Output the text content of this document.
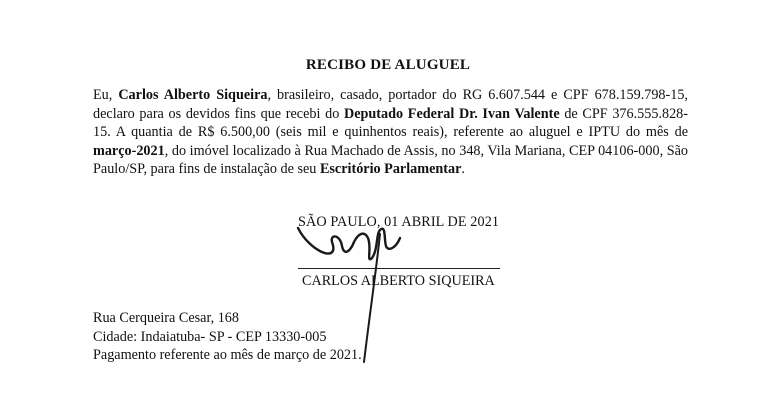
RECIBO DE ALUGUEL
Eu, Carlos Alberto Siqueira, brasileiro, casado, portador do RG 6.607.544 e CPF 678.159.798-15, declaro para os devidos fins que recebi do Deputado Federal Dr. Ivan Valente de CPF 376.555.828-15. A quantia de R$ 6.500,00 (seis mil e quinhentos reais), referente ao aluguel e IPTU do mês de março-2021, do imóvel localizado à Rua Machado de Assis, no 348, Vila Mariana, CEP 04106-000, São Paulo/SP, para fins de instalação de seu Escritório Parlamentar.
SÃO PAULO, 01 ABRIL DE 2021
CARLOS ALBERTO SIQUEIRA
Rua Cerqueira Cesar, 168
Cidade: Indaiatuba- SP - CEP 13330-005
Pagamento referente ao mês de março de 2021.
